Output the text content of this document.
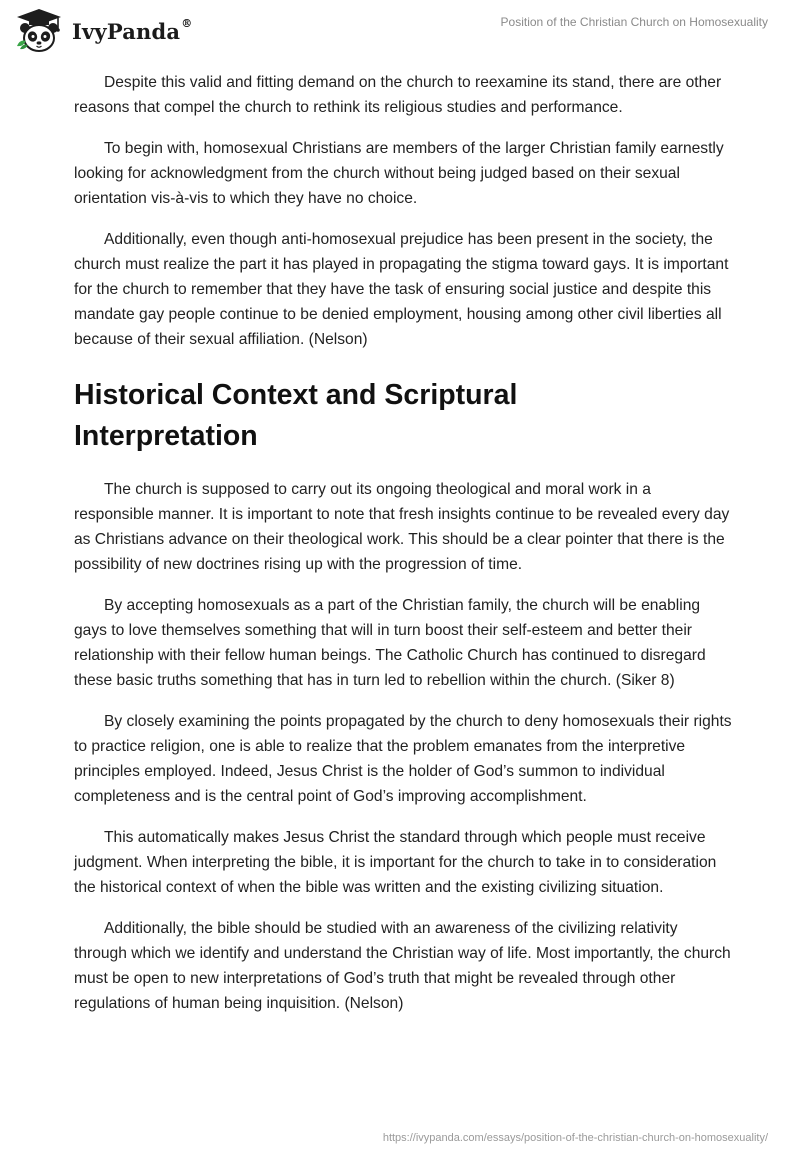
IvyPanda®	Position of the Christian Church on Homosexuality

Despite this valid and fitting demand on the church to reexamine its stand, there are other reasons that compel the church to rethink its religious studies and performance.

To begin with, homosexual Christians are members of the larger Christian family earnestly looking for acknowledgment from the church without being judged based on their sexual orientation vis-à-vis to which they have no choice.

Additionally, even though anti-homosexual prejudice has been present in the society, the church must realize the part it has played in propagating the stigma toward gays. It is important for the church to remember that they have the task of ensuring social justice and despite this mandate gay people continue to be denied employment, housing among other civil liberties all because of their sexual affiliation. (Nelson)

Historical Context and Scriptural Interpretation

The church is supposed to carry out its ongoing theological and moral work in a responsible manner. It is important to note that fresh insights continue to be revealed every day as Christians advance on their theological work. This should be a clear pointer that there is the possibility of new doctrines rising up with the progression of time.

By accepting homosexuals as a part of the Christian family, the church will be enabling gays to love themselves something that will in turn boost their self-esteem and better their relationship with their fellow human beings. The Catholic Church has continued to disregard these basic truths something that has in turn led to rebellion within the church. (Siker 8)

By closely examining the points propagated by the church to deny homosexuals their rights to practice religion, one is able to realize that the problem emanates from the interpretive principles employed. Indeed, Jesus Christ is the holder of God’s summon to individual completeness and is the central point of God’s improving accomplishment.

This automatically makes Jesus Christ the standard through which people must receive judgment. When interpreting the bible, it is important for the church to take in to consideration the historical context of when the bible was written and the existing civilizing situation.

Additionally, the bible should be studied with an awareness of the civilizing relativity through which we identify and understand the Christian way of life. Most importantly, the church must be open to new interpretations of God’s truth that might be revealed through other regulations of human being inquisition. (Nelson)

https://ivypanda.com/essays/position-of-the-christian-church-on-homosexuality/
